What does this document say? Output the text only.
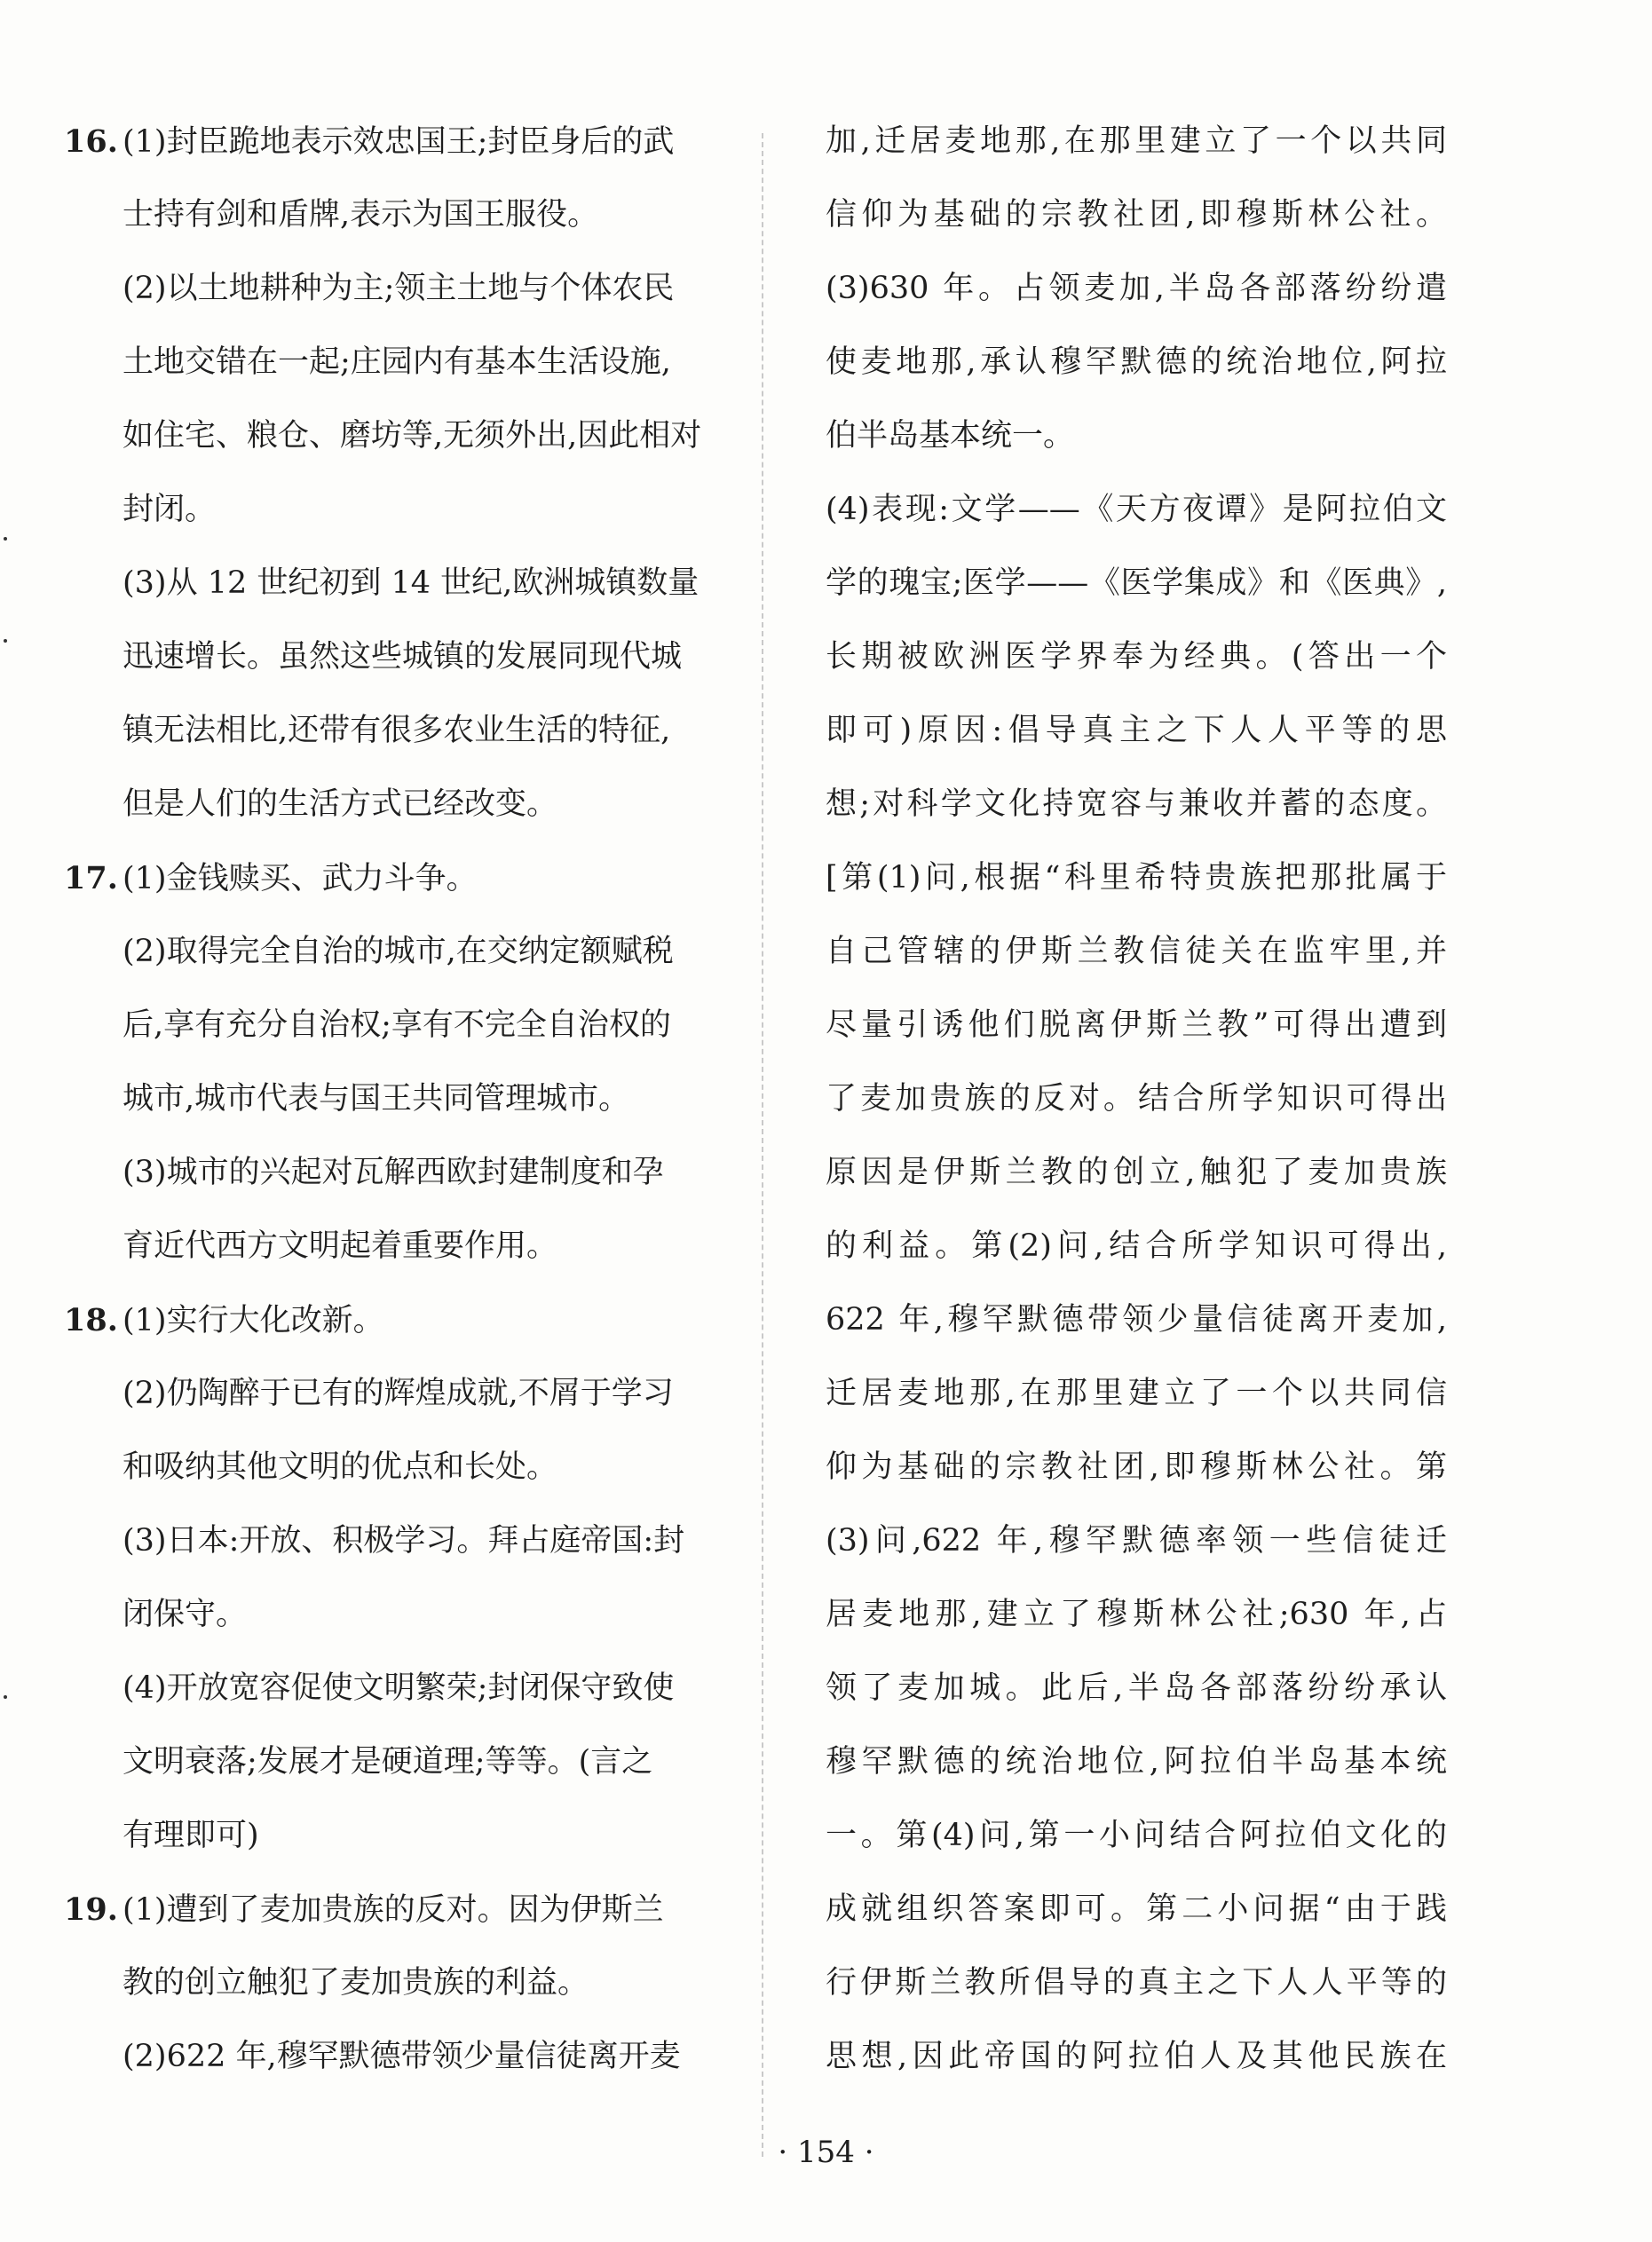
16. (1)封臣跪地表示效忠国王;封臣身后的武
士持有剑和盾牌,表示为国王服役。
(2)以土地耕种为主;领主土地与个体农民
土地交错在一起;庄园内有基本生活设施,
如住宅、粮仓、磨坊等,无须外出,因此相对
封闭。
(3)从 12 世纪初到 14 世纪,欧洲城镇数量
迅速增长。虽然这些城镇的发展同现代城
镇无法相比,还带有很多农业生活的特征,
但是人们的生活方式已经改变。
17. (1)金钱赎买、武力斗争。
(2)取得完全自治的城市,在交纳定额赋税
后,享有充分自治权;享有不完全自治权的
城市,城市代表与国王共同管理城市。
(3)城市的兴起对瓦解西欧封建制度和孕
育近代西方文明起着重要作用。
18. (1)实行大化改新。
(2)仍陶醉于已有的辉煌成就,不屑于学习
和吸纳其他文明的优点和长处。
(3)日本:开放、积极学习。拜占庭帝国:封
闭保守。
(4)开放宽容促使文明繁荣;封闭保守致使
文明衰落;发展才是硬道理;等等。(言之
有理即可)
19. (1)遭到了麦加贵族的反对。因为伊斯兰
教的创立触犯了麦加贵族的利益。
(2)622 年,穆罕默德带领少量信徒离开麦
加,迁居麦地那,在那里建立了一个以共同
信仰为基础的宗教社团,即穆斯林公社。
(3)630 年。占领麦加,半岛各部落纷纷遣
使麦地那,承认穆罕默德的统治地位,阿拉
伯半岛基本统一。
(4)表现:文学——《天方夜谭》是阿拉伯文
学的瑰宝;医学——《医学集成》和《医典》,
长期被欧洲医学界奉为经典。(答出一个
即可)原因:倡导真主之下人人平等的思
想;对科学文化持宽容与兼收并蓄的态度。
[第(1)问,根据“科里希特贵族把那批属于
自己管辖的伊斯兰教信徒关在监牢里,并
尽量引诱他们脱离伊斯兰教”可得出遭到
了麦加贵族的反对。结合所学知识可得出
原因是伊斯兰教的创立,触犯了麦加贵族
的利益。第(2)问,结合所学知识可得出,
622 年,穆罕默德带领少量信徒离开麦加,
迁居麦地那,在那里建立了一个以共同信
仰为基础的宗教社团,即穆斯林公社。第
(3)问,622 年,穆罕默德率领一些信徒迁
居麦地那,建立了穆斯林公社;630 年,占
领了麦加城。此后,半岛各部落纷纷承认
穆罕默德的统治地位,阿拉伯半岛基本统
一。第(4)问,第一小问结合阿拉伯文化的
成就组织答案即可。第二小问据“由于践
行伊斯兰教所倡导的真主之下人人平等的
思想,因此帝国的阿拉伯人及其他民族在
· 154 ·
